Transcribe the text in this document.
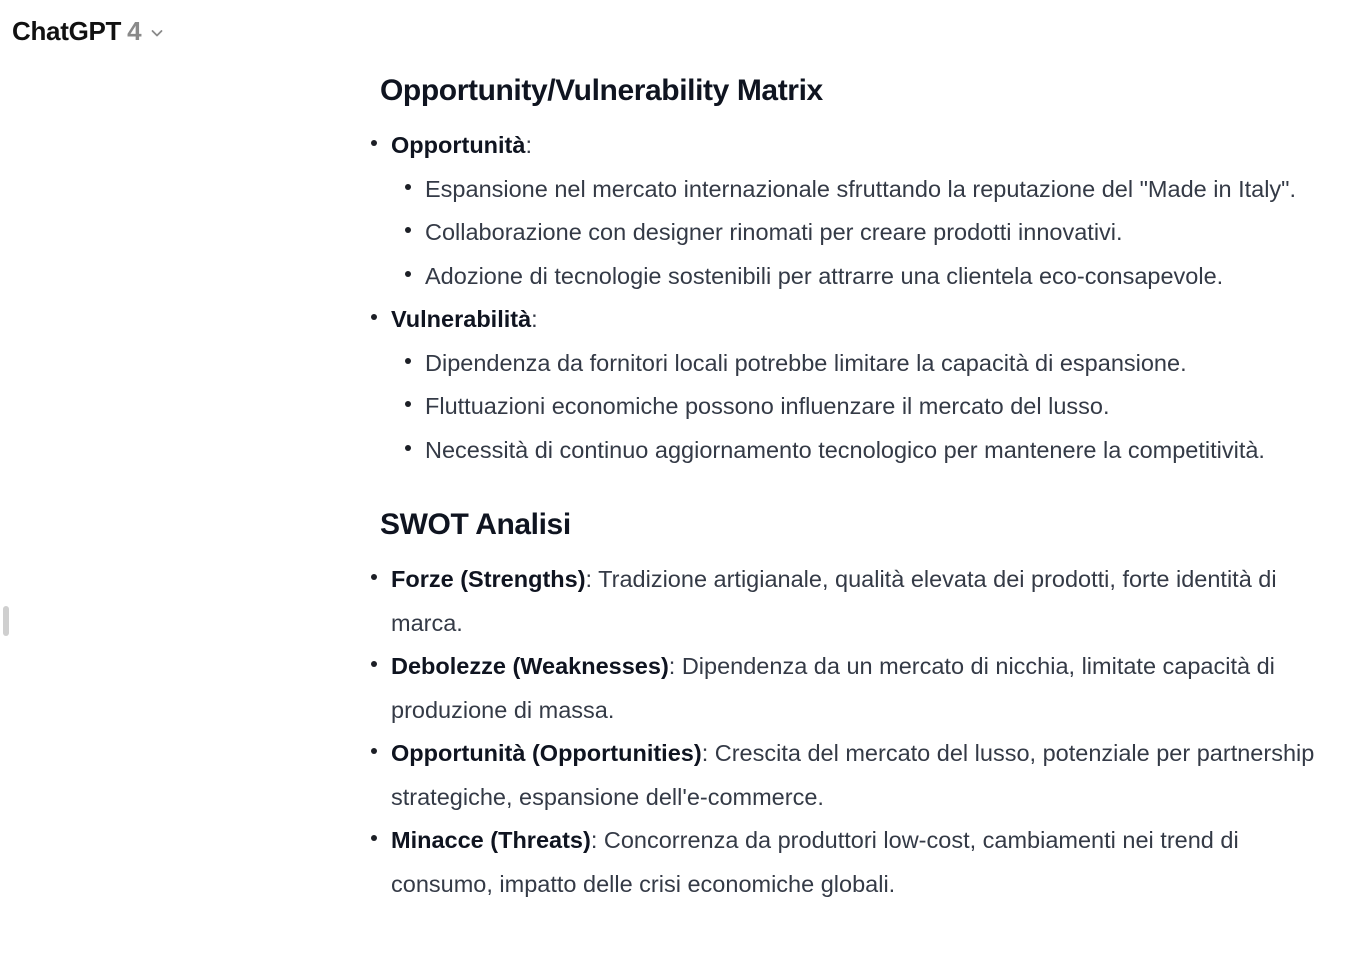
ChatGPT 4
Opportunity/Vulnerability Matrix
Opportunità:
Espansione nel mercato internazionale sfruttando la reputazione del "Made in Italy".
Collaborazione con designer rinomati per creare prodotti innovativi.
Adozione di tecnologie sostenibili per attrarre una clientela eco-consapevole.
Vulnerabilità:
Dipendenza da fornitori locali potrebbe limitare la capacità di espansione.
Fluttuazioni economiche possono influenzare il mercato del lusso.
Necessità di continuo aggiornamento tecnologico per mantenere la competitività.
SWOT Analisi
Forze (Strengths): Tradizione artigianale, qualità elevata dei prodotti, forte identità di marca.
Debolezze (Weaknesses): Dipendenza da un mercato di nicchia, limitate capacità di produzione di massa.
Opportunità (Opportunities): Crescita del mercato del lusso, potenziale per partnership strategiche, espansione dell'e-commerce.
Minacce (Threats): Concorrenza da produttori low-cost, cambiamenti nei trend di consumo, impatto delle crisi economiche globali.
